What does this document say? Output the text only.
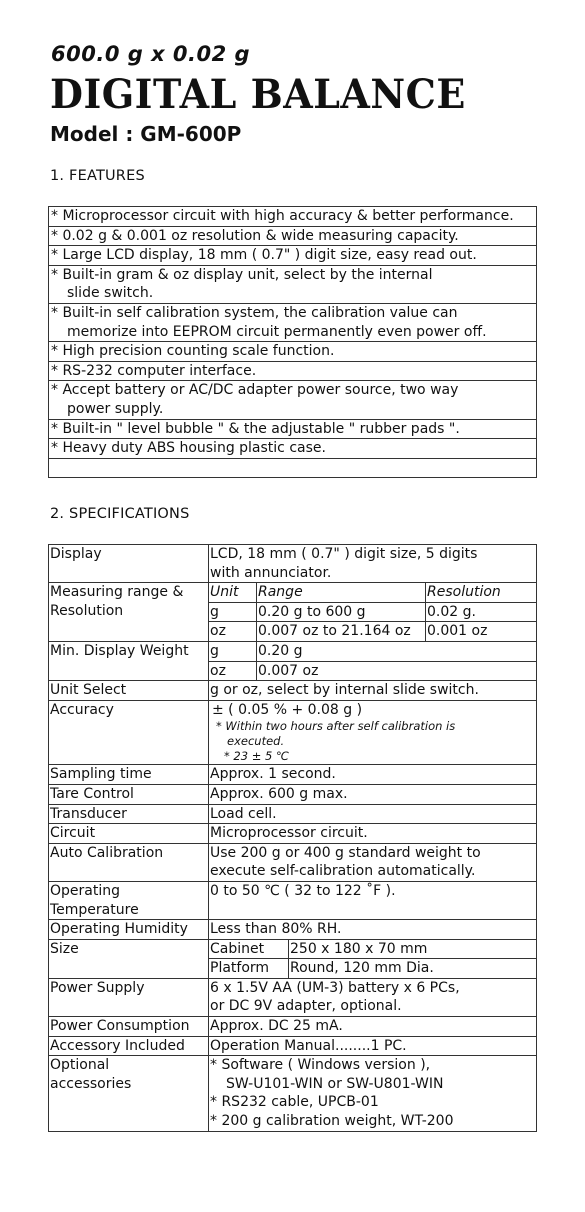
600.0 g x 0.02 g
DIGITAL BALANCE
Model : GM-600P
1. FEATURES
* Microprocessor circuit with high accuracy & better performance.
* 0.02 g & 0.001 oz resolution & wide measuring capacity.
* Large LCD display, 18 mm ( 0.7" ) digit size, easy read out.
* Built-in gram & oz display unit, select by the internal
slide switch.

* Built-in self calibration system, the calibration value can
memorize into EEPROM circuit permanently even power off.

* High precision counting scale function.
* RS-232 computer interface.
* Accept battery or AC/DC adapter power source, two way
power supply.

* Built-in " level bubble " & the adjustable " rubber pads ".
* Heavy duty ABS housing plastic case.

2. SPECIFICATIONS
Display	LCD, 18 mm ( 0.7" ) digit size, 5 digits
with annunciator.			
Measuring range &
Resolution	Unit	Range		Resolution
	g	0.20 g to 600 g		0.02 g.
	oz	0.007 oz to 21.164 oz		0.001 oz
Min. Display Weight	g	0.20 g		
	oz	0.007 oz		
Unit Select	g or oz, select by internal slide switch.			
Accuracy	± ( 0.05 % + 0.08 g )
* Within two hours after self calibration is
executed.
* 23 ± 5 ℃			

Sampling time	Approx. 1 second.			
Tare Control	Approx. 600 g max.			
Transducer	Load cell.			
Circuit	Microprocessor circuit.			
Auto Calibration	Use 200 g or 400 g standard weight to
execute self-calibration automatically.			
Operating
Temperature	0 to 50 ℃ ( 32 to 122 ˚F ).			
Operating Humidity	Less than 80% RH.			
Size	Cabinet		250 x 180 x 70 mm	
	Platform		Round, 120 mm Dia.	
Power Supply	6 x 1.5V AA (UM-3) battery x 6 PCs,
or DC 9V adapter, optional.			
Power Consumption	Approx. DC 25 mA.			
Accessory Included	Operation Manual........1 PC.			
Optional
accessories	* Software ( Windows version ),
SW-U101-WIN or SW-U801-WIN
* RS232 cable, UPCB-01
* 200 g calibration weight, WT-200			
